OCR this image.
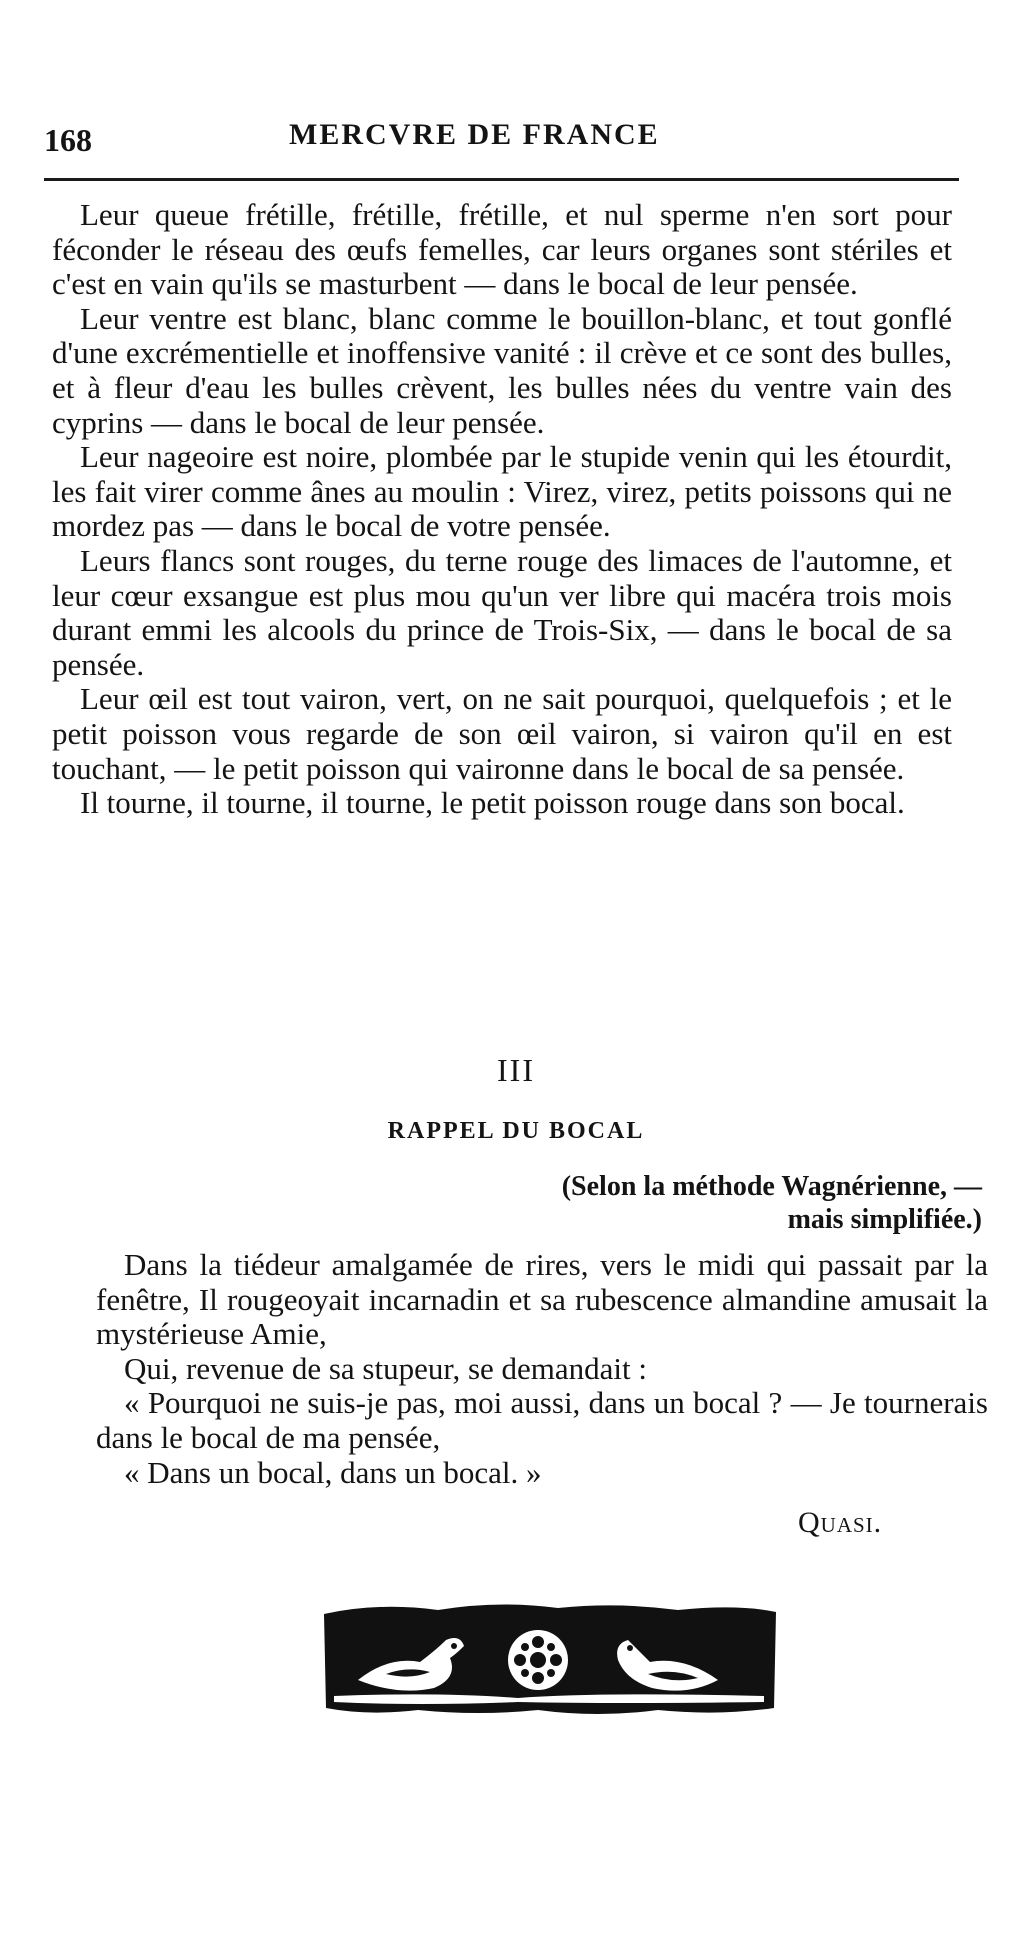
168	MERCVRE DE FRANCE

Leur queue frétille, frétille, frétille, et nul sperme n'en sort pour féconder le réseau des œufs femelles, car leurs organes sont stériles et c'est en vain qu'ils se masturbent — dans le bocal de leur pensée.

Leur ventre est blanc, blanc comme le bouillon-blanc, et tout gonflé d'une excrémentielle et inoffensive vanité : il crève et ce sont des bulles, et à fleur d'eau les bulles crèvent, les bulles nées du ventre vain des cyprins — dans le bocal de leur pensée.

Leur nageoire est noire, plombée par le stupide venin qui les étourdit, les fait virer comme ânes au moulin : Virez, virez, petits poissons qui ne mordez pas — dans le bocal de votre pensée.

Leurs flancs sont rouges, du terne rouge des limaces de l'automne, et leur cœur exsangue est plus mou qu'un ver libre qui macéra trois mois durant emmi les alcools du prince de Trois-Six, — dans le bocal de sa pensée.

Leur œil est tout vairon, vert, on ne sait pourquoi, quelquefois ; et le petit poisson vous regarde de son œil vairon, si vairon qu'il en est touchant, — le petit poisson qui vaironne dans le bocal de sa pensée.

Il tourne, il tourne, il tourne, le petit poisson rouge dans son bocal.

III
RAPPEL DU BOCAL
(Selon la méthode Wagnérienne, — mais simplifiée.)

Dans la tiédeur amalgamée de rires, vers le midi qui passait par la fenêtre, Il rougeoyait incarnadin et sa rubescence almandine amusait la mystérieuse Amie,

Qui, revenue de sa stupeur, se demandait :

« Pourquoi ne suis-je pas, moi aussi, dans un bocal ? — Je tournerais dans le bocal de ma pensée,

« Dans un bocal, dans un bocal. »

Quasi.
